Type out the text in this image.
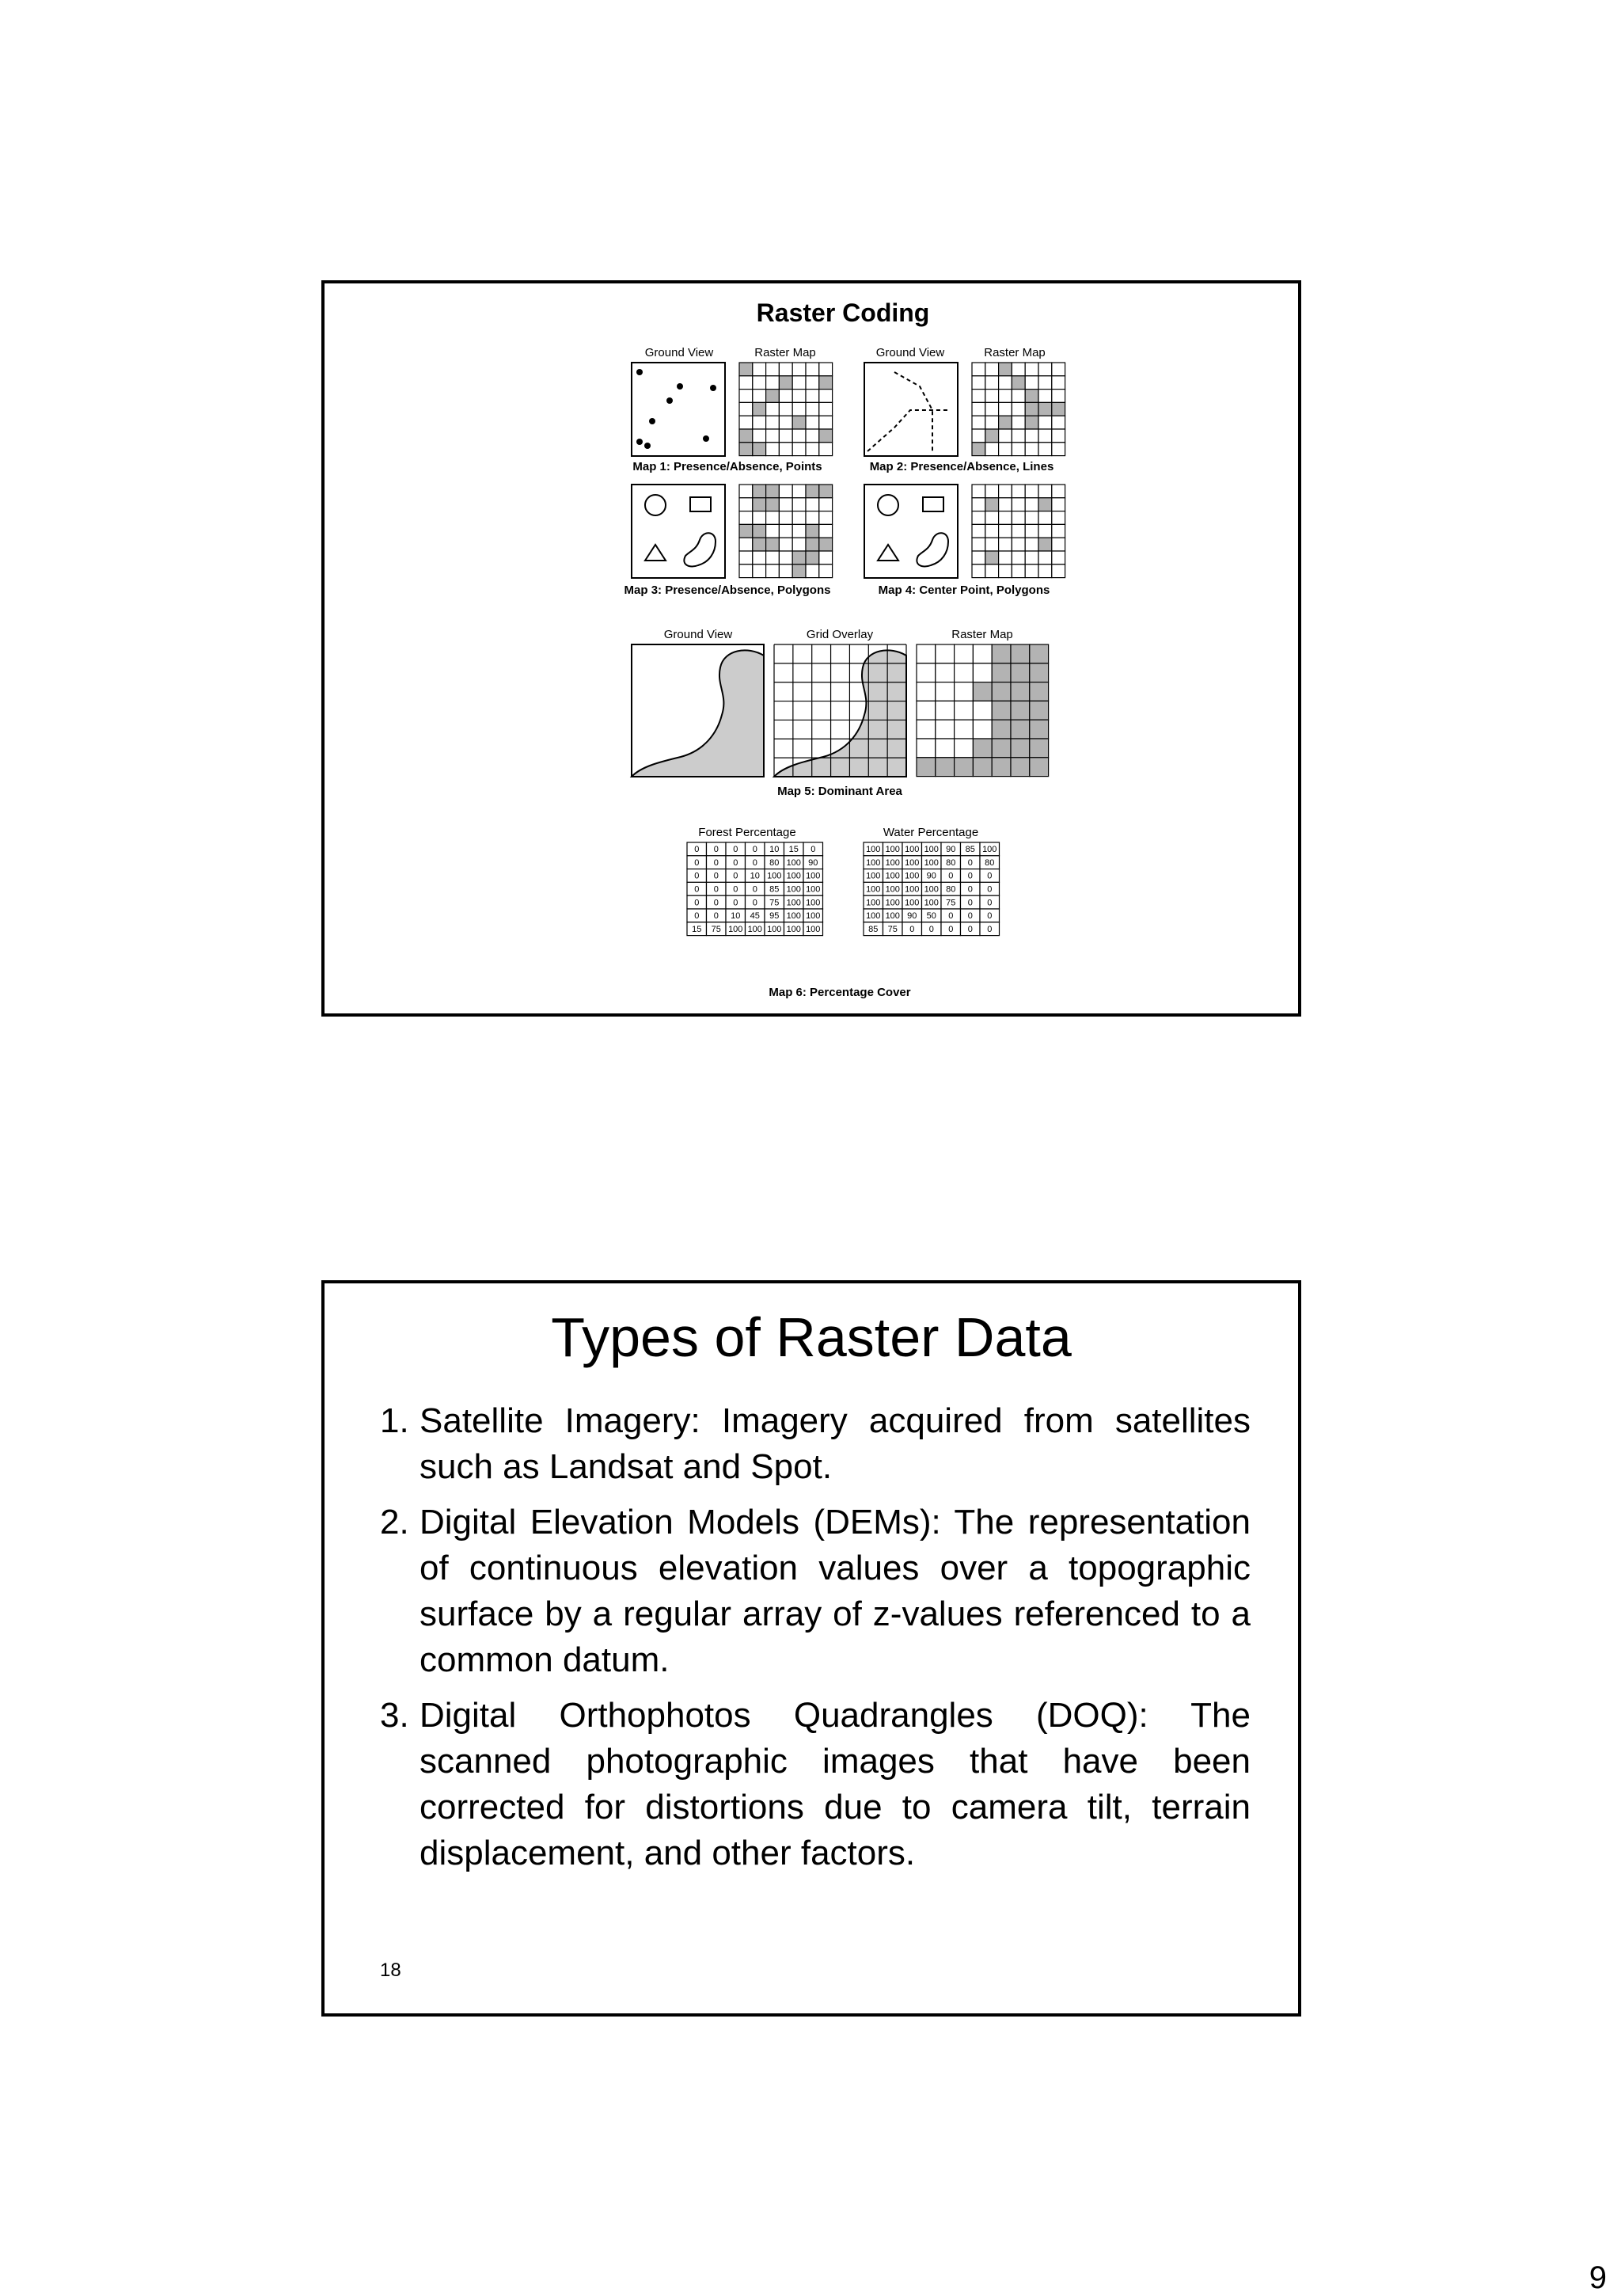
Raster Coding
Ground View	Raster Map	Ground View	Raster Map
Map 1: Presence/Absence, Points	Map 2: Presence/Absence, Lines
Map 3: Presence/Absence, Polygons	Map 4: Center Point, Polygons
Ground View	Grid Overlay	Raster Map
Map 5: Dominant Area
Forest Percentage	Water Percentage
0 0 0 0 10 15 0
0 0 0 0 80 100 90
0 0 0 10 100 100 100
0 0 0 0 85 100 100
0 0 0 0 75 100 100
0 0 10 45 95 100 100
15 75 100 100 100 100 100
100 100 100 100 90 85 100
100 100 100 100 80 0 80
100 100 100 90 0 0 0
100 100 100 100 80 0 0
100 100 100 100 75 0 0
100 100 90 50 0 0 0
85 75 0 0 0 0 0
Map 6: Percentage Cover
Types of Raster Data
1. Satellite Imagery: Imagery acquired from satellites such as Landsat and Spot.
2. Digital Elevation Models (DEMs): The representation of continuous elevation values over a topographic surface by a regular array of z-values referenced to a common datum.
3. Digital Orthophotos Quadrangles (DOQ): The scanned photographic images that have been corrected for distortions due to camera tilt, terrain displacement, and other factors.
18
9
